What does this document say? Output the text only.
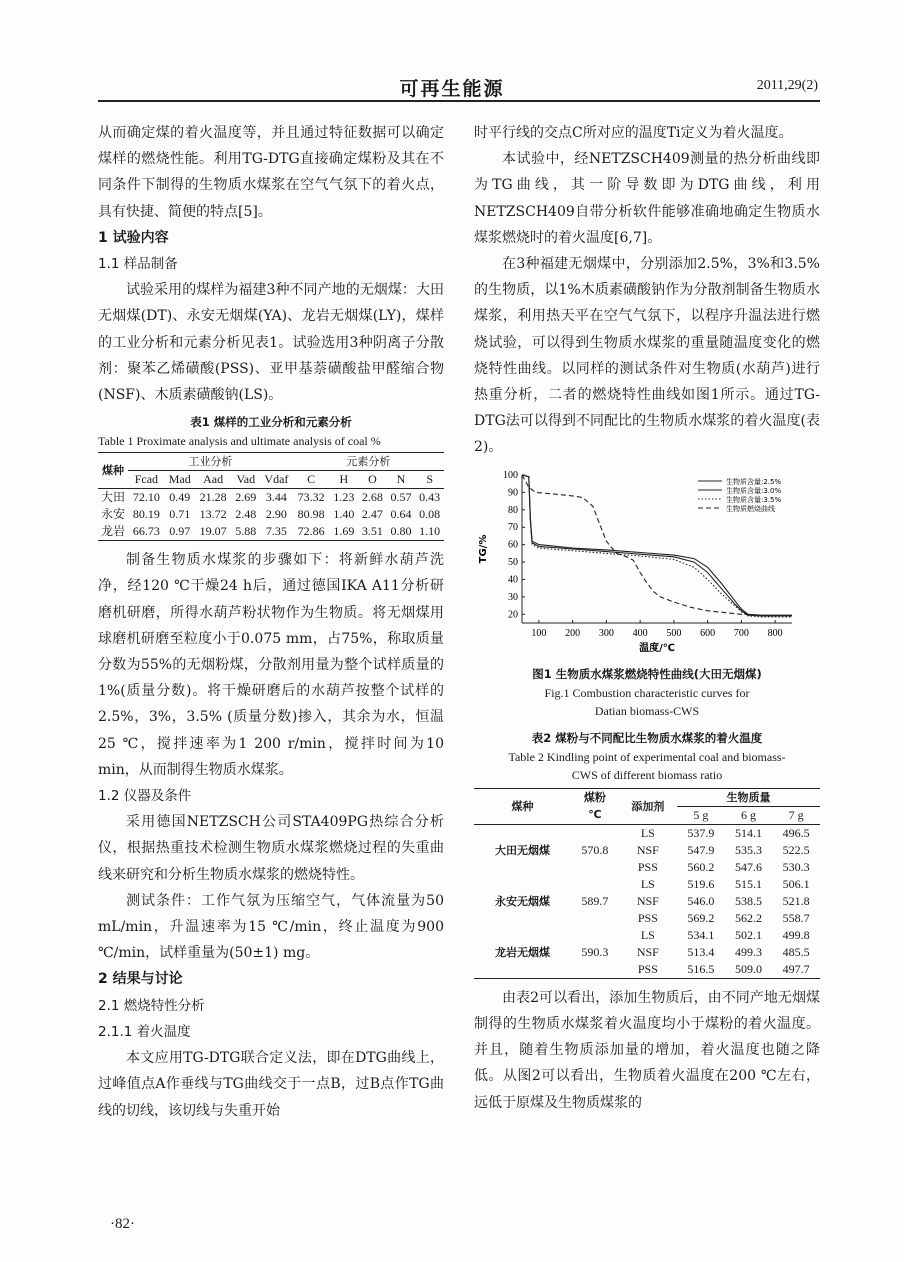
可再生能源	2011,29(2)

从而确定煤的着火温度等，并且通过特征数据可以确定煤样的燃烧性能。利用TG-DTG直接确定煤粉及其在不同条件下制得的生物质水煤浆在空气气氛下的着火点，具有快捷、简便的特点[5]。

1 试验内容

1.1 样品制备

试验采用的煤样为福建3种不同产地的无烟煤：大田无烟煤(DT)、永安无烟煤(YA)、龙岩无烟煤(LY)，煤样的工业分析和元素分析见表1。试验选用3种阴离子分散剂：聚苯乙烯磺酸(PSS)、亚甲基萘磺酸盐甲醛缩合物(NSF)、木质素磺酸钠(LS)。

表1 煤样的工业分析和元素分析
Table 1 Proximate analysis and ultimate analysis of coal %
煤种	工业分析					元素分析				
	Fcad	Mad	Aad	Vad	Vdaf	C	H	O	N	S
大田	72.10	0.49	21.28	2.69	3.44	73.32	1.23	2.68	0.57	0.43
永安	80.19	0.71	13.72	2.48	2.90	80.98	1.40	2.47	0.64	0.08
龙岩	66.73	0.97	19.07	5.88	7.35	72.86	1.69	3.51	0.80	1.10

制备生物质水煤浆的步骤如下：将新鲜水葫芦洗净，经120 ℃干燥24 h后，通过德国IKA A11分析研磨机研磨，所得水葫芦粉状物作为生物质。将无烟煤用球磨机研磨至粒度小于0.075 mm，占75%，称取质量分数为55%的无烟粉煤，分散剂用量为整个试样质量的1%(质量分数)。将干燥研磨后的水葫芦按整个试样的2.5%，3%，3.5% (质量分数)掺入，其余为水，恒温25 ℃，搅拌速率为1 200 r/min，搅拌时间为10 min，从而制得生物质水煤浆。

1.2 仪器及条件

采用德国NETZSCH公司STA409PG热综合分析仪，根据热重技术检测生物质水煤浆燃烧过程的失重曲线来研究和分析生物质水煤浆的燃烧特性。

测试条件：工作气氛为压缩空气，气体流量为50 mL/min，升温速率为15 ℃/min，终止温度为900 ℃/min，试样重量为(50±1) mg。

2 结果与讨论

2.1 燃烧特性分析

2.1.1 着火温度

本文应用TG-DTG联合定义法，即在DTG曲线上，过峰值点A作垂线与TG曲线交于一点B，过B点作TG曲线的切线，该切线与失重开始

时平行线的交点C所对应的温度Ti定义为着火温度。

本试验中，经NETZSCH409测量的热分析曲线即为TG曲线，其一阶导数即为DTG曲线，利用NETZSCH409自带分析软件能够准确地确定生物质水煤浆燃烧时的着火温度[6,7]。

在3种福建无烟煤中，分别添加2.5%，3%和3.5%的生物质，以1%木质素磺酸钠作为分散剂制备生物质水煤浆，利用热天平在空气气氛下，以程序升温法进行燃烧试验，可以得到生物质水煤浆的重量随温度变化的燃烧特性曲线。以同样的测试条件对生物质(水葫芦)进行热重分析，二者的燃烧特性曲线如图1所示。通过TG-DTG法可以得到不同配比的生物质水煤浆的着火温度(表2)。

100 200 300 400 500 600 700 800
20
30
40
50
60
70
80
90
100
温度/℃
TG/%
生物质含量:2.5%
生物质含量:3.0%
生物质含量:3.5%
生物质燃烧曲线
图1 生物质水煤浆燃烧特性曲线(大田无烟煤)
Fig.1 Combustion characteristic curves for
Datian biomass-CWS
表2 煤粉与不同配比生物质水煤浆的着火温度
Table 2 Kindling point of experimental coal and biomass-
CWS of different biomass ratio
煤种	煤粉
℃	添加剂	生物质量		
			5 g	6 g	7 g
大田无烟煤	570.8	LS	537.9	514.1	496.5
		NSF	547.9	535.3	522.5
		PSS	560.2	547.6	530.3
永安无烟煤	589.7	LS	519.6	515.1	506.1
		NSF	546.0	538.5	521.8
		PSS	569.2	562.2	558.7
龙岩无烟煤	590.3	LS	534.1	502.1	499.8
		NSF	513.4	499.3	485.5
		PSS	516.5	509.0	497.7

由表2可以看出，添加生物质后，由不同产地无烟煤制得的生物质水煤浆着火温度均小于煤粉的着火温度。并且，随着生物质添加量的增加，着火温度也随之降低。从图2可以看出，生物质着火温度在200 ℃左右，远低于原煤及生物质煤浆的

·82·
